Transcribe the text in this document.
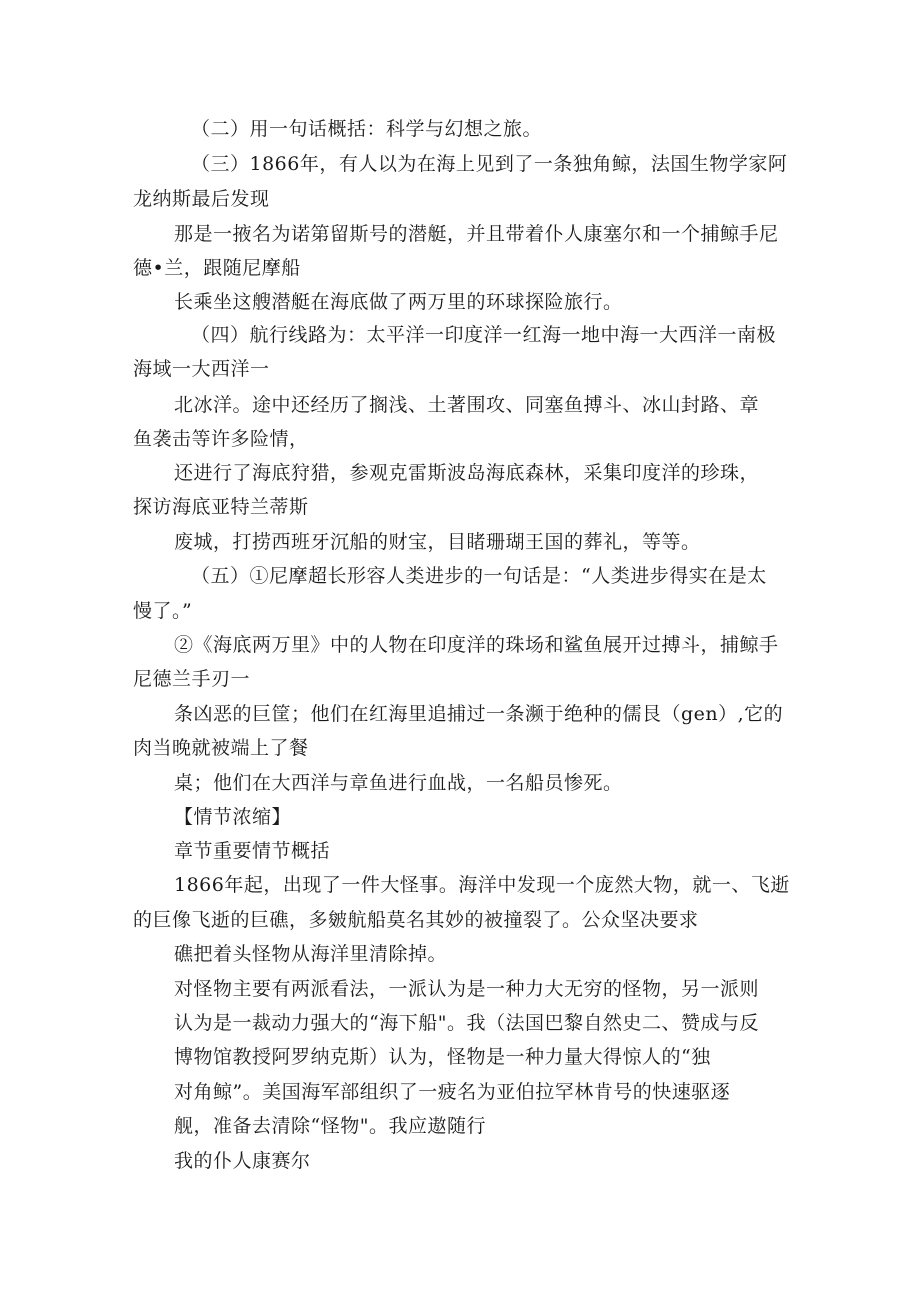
（二）用一句话概括：科学与幻想之旅。
（三）1866年，有人以为在海上见到了一条独角鲸，法国生物学家阿
龙纳斯最后发现
那是一掖名为诺第留斯号的潜艇，并且带着仆人康塞尔和一个捕鲸手尼
德•兰，跟随尼摩船
长乘坐这艘潜艇在海底做了两万里的环球探险旅行。
（四）航行线路为：太平洋一印度洋一红海一地中海一大西洋一南极
海域一大西洋一
北冰洋。途中还经历了搁浅、土著围攻、同塞鱼搏斗、冰山封路、章
鱼袭击等许多险情，
还进行了海底狩猎，参观克雷斯波岛海底森林，采集印度洋的珍珠，
探访海底亚特兰蒂斯
废城，打捞西班牙沉船的财宝，目睹珊瑚王国的葬礼，等等。
（五）①尼摩超长形容人类进步的一句话是：“人类进步得实在是太
慢了。”
②《海底两万里》中的人物在印度洋的珠场和鲨鱼展开过搏斗，捕鲸手
尼德兰手刃一
条凶恶的巨筐；他们在红海里追捕过一条濒于绝种的儒艮（gen）,它的
肉当晚就被端上了餐
桌；他们在大西洋与章鱼进行血战，一名船员惨死。
【情节浓缩】
章节重要情节概括
1866年起，出现了一件大怪事。海洋中发现一个庞然大物，就一、飞逝
的巨像飞逝的巨礁，多皴航船莫名其妙的被撞裂了。公众坚决要求
礁把着头怪物从海洋里清除掉。
对怪物主要有两派看法，一派认为是一种力大无穷的怪物，另一派则
认为是一裁动力强大的“海下船"。我（法国巴黎自然史二、赞成与反
博物馆教授阿罗纳克斯）认为，怪物是一种力量大得惊人的“独
对角鲸”。美国海军部组织了一疲名为亚伯拉罕林肯号的快速驱逐
舰，准备去清除“怪物"。我应遨随行
我的仆人康赛尔
